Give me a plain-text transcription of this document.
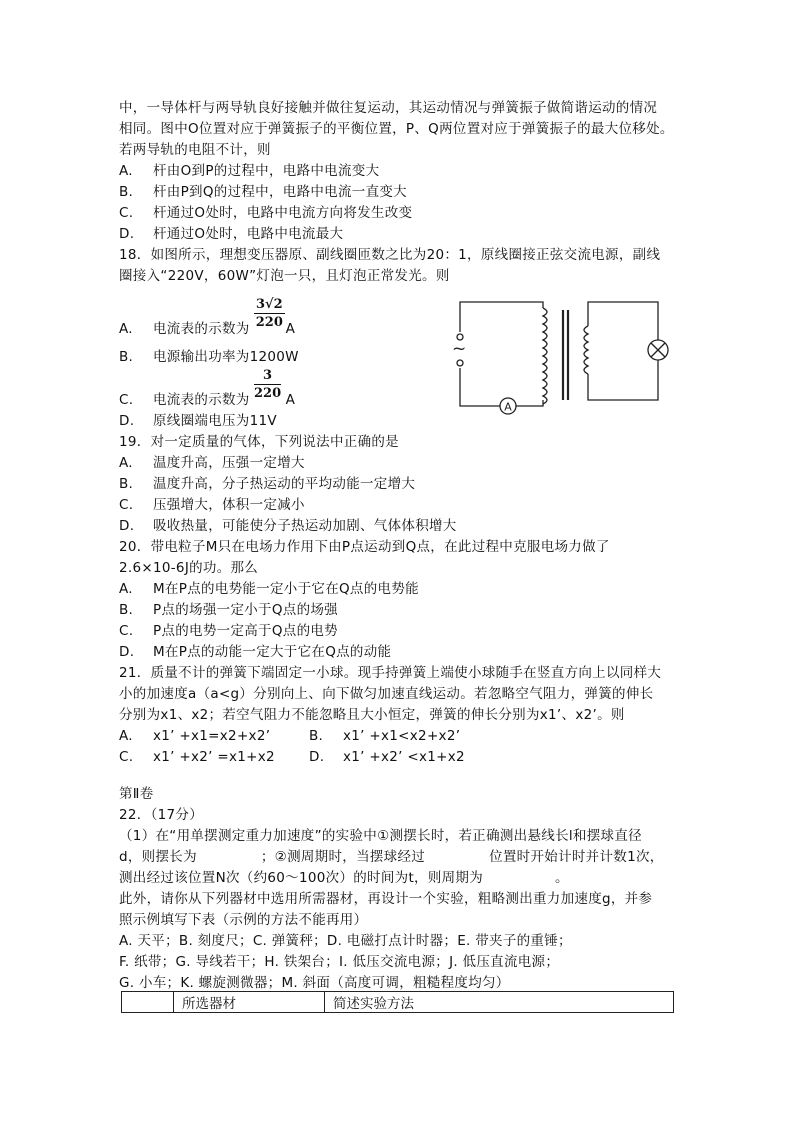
中，一导体杆与两导轨良好接触并做往复运动，其运动情况与弹簧振子做简谐运动的情况
相同。图中O位置对应于弹簧振子的平衡位置，P、Q两位置对应于弹簧振子的最大位移处。
若两导轨的电阻不计，则
A. 杆由O到P的过程中，电路中电流变大
B. 杆由P到Q的过程中，电路中电流一直变大
C. 杆通过O处时，电路中电流方向将发生改变
D. 杆通过O处时，电路中电流最大
18．如图所示，理想变压器原、副线圈匝数之比为20：1，原线圈接正弦交流电源，副线
圈接入“220V，60W”灯泡一只，且灯泡正常发光。则
A. 电流表的示数为	A
$\frac{3√2}{220}$
B. 电源输出功率为1200W
C. 电流表的示数为	A
$\frac{3}{220}$
D. 原线圈端电压为11V
~
A
19．对一定质量的气体，下列说法中正确的是
A. 温度升高，压强一定增大
B. 温度升高，分子热运动的平均动能一定增大
C. 压强增大，体积一定减小
D. 吸收热量，可能使分子热运动加剧、气体体积增大
20．带电粒子M只在电场力作用下由P点运动到Q点，在此过程中克服电场力做了
2.6×10-6J的功。那么
A. M在P点的电势能一定小于它在Q点的电势能
B. P点的场强一定小于Q点的场强
C. P点的电势一定高于Q点的电势
D. M在P点的动能一定大于它在Q点的动能
21．质量不计的弹簧下端固定一小球。现手持弹簧上端使小球随手在竖直方向上以同样大
小的加速度a（a<g）分别向上、向下做匀加速直线运动。若忽略空气阻力，弹簧的伸长
分别为x1、x2；若空气阻力不能忽略且大小恒定，弹簧的伸长分别为x1’、x2’。则
A. x1’ +x1=x2+x2’	B. x1’ +x1<x2+x2’
C. x1’ +x2’ =x1+x2	D. x1’ +x2’ <x1+x2
第Ⅱ卷
22．（17分）
（1）在“用单摆测定重力加速度”的实验中①测摆长时，若正确测出悬线长l和摆球直径
d，则摆长为	；②测周期时，当摆球经过	位置时开始计时并计数1次，
测出经过该位置N次（约60～100次）的时间为t，则周期为	。
此外，请你从下列器材中选用所需器材，再设计一个实验，粗略测出重力加速度g，并参
照示例填写下表（示例的方法不能再用）
A. 天平；B. 刻度尺；C. 弹簧秤；D. 电磁打点计时器；E. 带夹子的重锤；
F. 纸带；G. 导线若干；H. 铁架台；I. 低压交流电源；J. 低压直流电源；
G. 小车；K. 螺旋测微器；M. 斜面（高度可调，粗糙程度均匀）
	所选器材	简述实验方法
